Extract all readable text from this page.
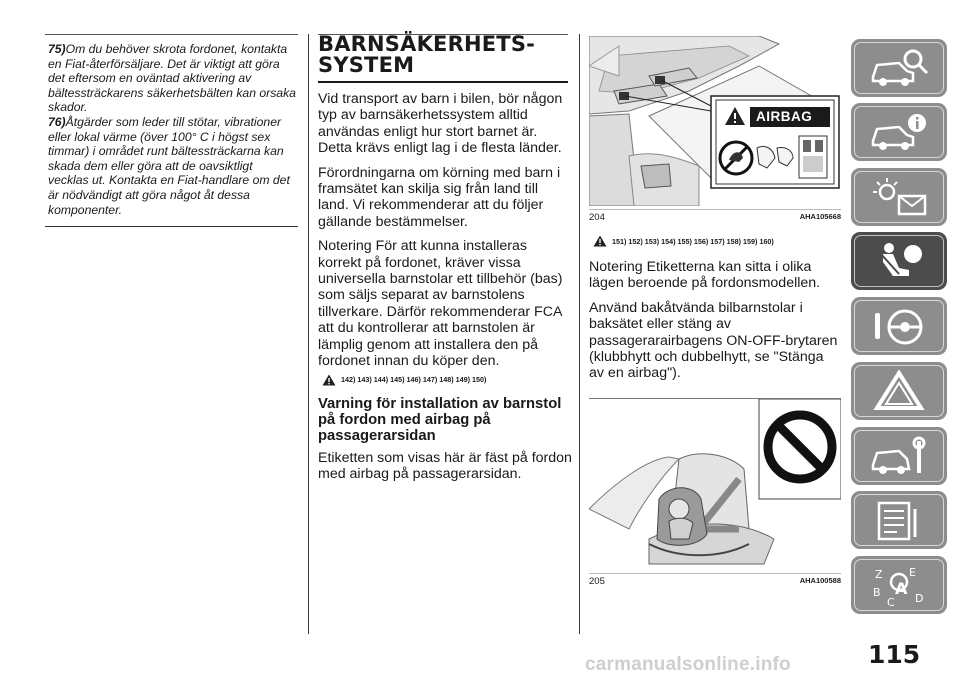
75)Om du behöver skrota fordonet, kontakta en Fiat-återförsäljare. Det är viktigt att göra det eftersom en oväntad aktivering av bältessträckarens säkerhetsbälten kan orsaka skador.

76)Åtgärder som leder till stötar, vibrationer eller lokal värme (över 100° C i högst sex timmar) i området runt bältessträckarna kan skada dem eller göra att de oavsiktligt vecklas ut. Kontakta en Fiat-handlare om det är nödvändigt att göra något åt dessa komponenter.

BARNSÄKERHETS-
SYSTEM

Vid transport av barn i bilen, bör någon typ av barnsäkerhetssystem alltid användas enligt hur stort barnet är. Detta krävs enligt lag i de flesta länder.

Förordningarna om körning med barn i framsätet kan skilja sig från land till land. Vi rekommenderar att du följer gällande bestämmelser.

Notering För att kunna installeras korrekt på fordonet, kräver vissa universella barnstolar ett tillbehör (bas) som säljs separat av barnstolens tillverkare. Därför rekommenderar FCA att du kontrollerar att barnstolen är lämplig genom att installera den på fordonet innan du köper den.

142) 143) 144) 145) 146) 147) 148) 149) 150)

Varning för installation av barnstol på fordon med airbag på passagerarsidan

Etiketten som visas här är fäst på fordon med airbag på passagerarsidan.

AIRBAG
204	AHA105668
151) 152) 153) 154) 155) 156) 157) 158) 159) 160)

Notering Etiketterna kan sitta i olika lägen beroende på fordonsmodellen.

Använd bakåtvända bilbarnstolar i baksätet eller stäng av passagerarairbagens ON-OFF-brytaren (klubbhytt och dubbelhytt, se "Stänga av en airbag").

205	AHA100588	Z E
B
C D
A
115
carmanualsonline.info
